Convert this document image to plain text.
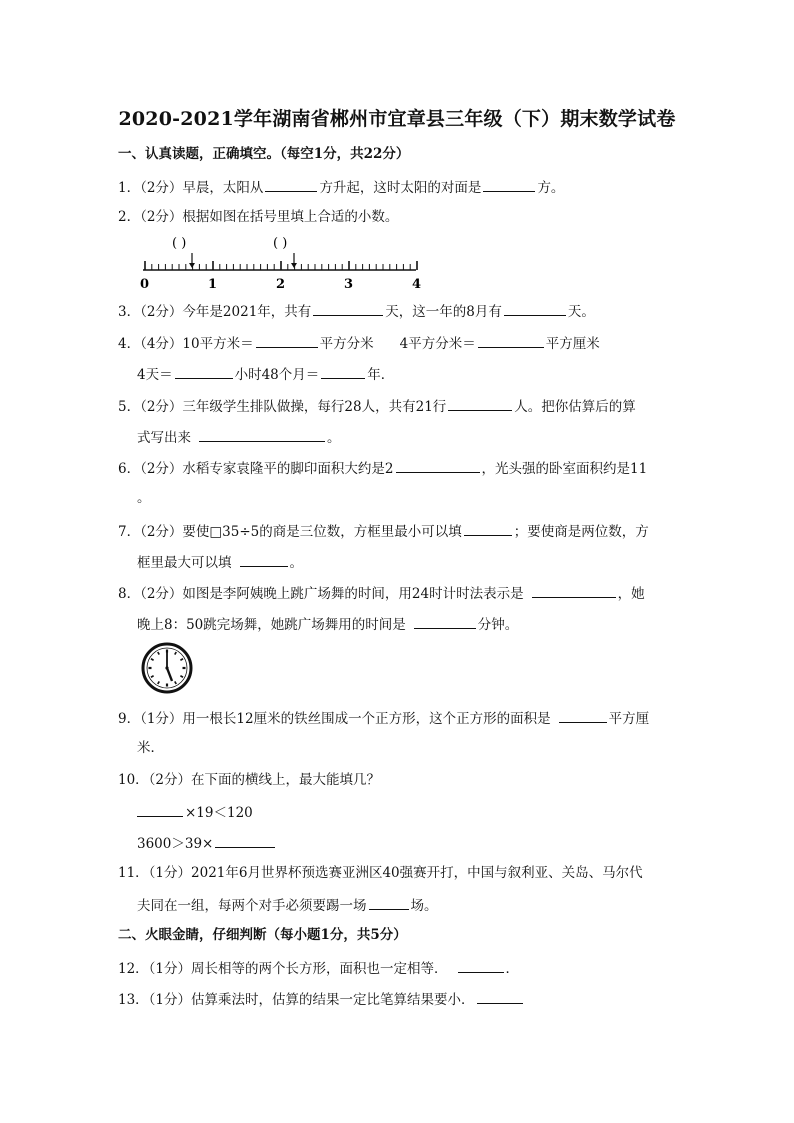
2020-2021学年湖南省郴州市宜章县三年级（下）期末数学试卷
一、认真读题，正确填空。（每空1分，共22分）
1．（2分）早晨，太阳从	方升起，这时太阳的对面是	方。
2．（2分）根据如图在括号里填上合适的小数。
( )	( )
0	1	2	3	4
3．（2分）今年是2021年，共有	天，这一年的8月有	天。
4．（4分）10平方米＝	平方分米 4平方分米＝	平方厘米
4天＝	小时48个月＝	年．
5．（2分）三年级学生排队做操，每行28人，共有21行	人。把你估算后的算
式写出来	。
6．（2分）水稻专家袁隆平的脚印面积大约是2	，光头强的卧室面积约是11
。
7．（2分）要使□35÷5的商是三位数，方框里最小可以填	；要使商是两位数，方
框里最大可以填	。
8．（2分）如图是李阿姨晚上跳广场舞的时间，用24时计时法表示是	，她
晚上8：50跳完场舞，她跳广场舞用的时间是	分钟。
9．（1分）用一根长12厘米的铁丝围成一个正方形，这个正方形的面积是	平方厘
米．
10．（2分）在下面的横线上，最大能填几？
×19＜120
3600＞39×
11．（1分）2021年6月世界杯预选赛亚洲区40强赛开打，中国与叙利亚、关岛、马尔代
夫同在一组，每两个对手必须要踢一场	场。
二、火眼金睛，仔细判断（每小题1分，共5分）
12．（1分）周长相等的两个长方形，面积也一定相等．	．
13．（1分）估算乘法时，估算的结果一定比笔算结果要小．
